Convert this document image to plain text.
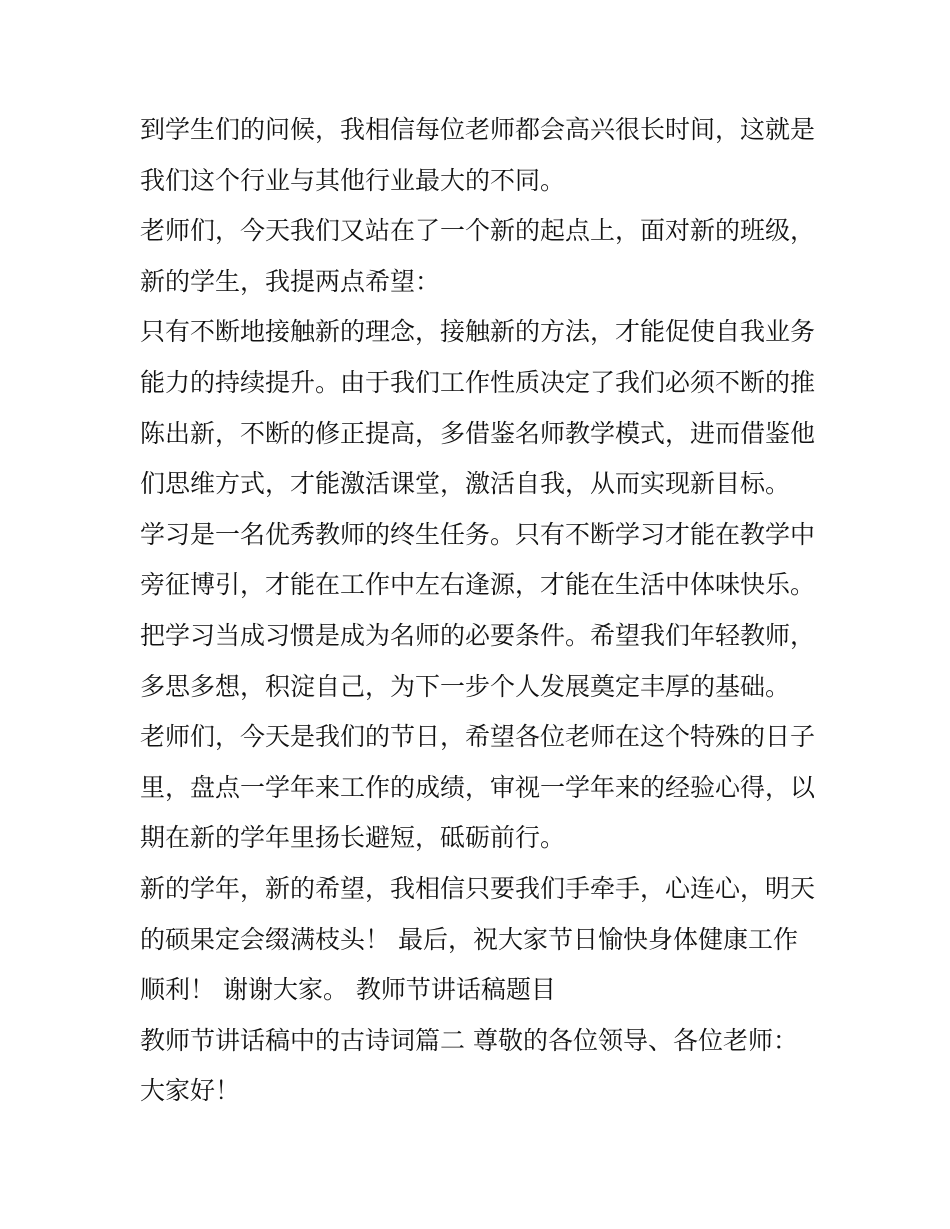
到学生们的问候，我相信每位老师都会高兴很长时间，这就是
我们这个行业与其他行业最大的不同。
老师们，今天我们又站在了一个新的起点上，面对新的班级，
新的学生，我提两点希望：
只有不断地接触新的理念，接触新的方法，才能促使自我业务
能力的持续提升。由于我们工作性质决定了我们必须不断的推
陈出新，不断的修正提高，多借鉴名师教学模式，进而借鉴他
们思维方式，才能激活课堂，激活自我，从而实现新目标。
学习是一名优秀教师的终生任务。只有不断学习才能在教学中
旁征博引，才能在工作中左右逢源，才能在生活中体味快乐。
把学习当成习惯是成为名师的必要条件。希望我们年轻教师，
多思多想，积淀自己，为下一步个人发展奠定丰厚的基础。
老师们，今天是我们的节日，希望各位老师在这个特殊的日子
里，盘点一学年来工作的成绩，审视一学年来的经验心得，以
期在新的学年里扬长避短，砥砺前行。
新的学年，新的希望，我相信只要我们手牵手，心连心，明天
的硕果定会缀满枝头！ 最后，祝大家节日愉快身体健康工作
顺利！ 谢谢大家。 教师节讲话稿题目
教师节讲话稿中的古诗词篇二 尊敬的各位领导、各位老师：
大家好！
